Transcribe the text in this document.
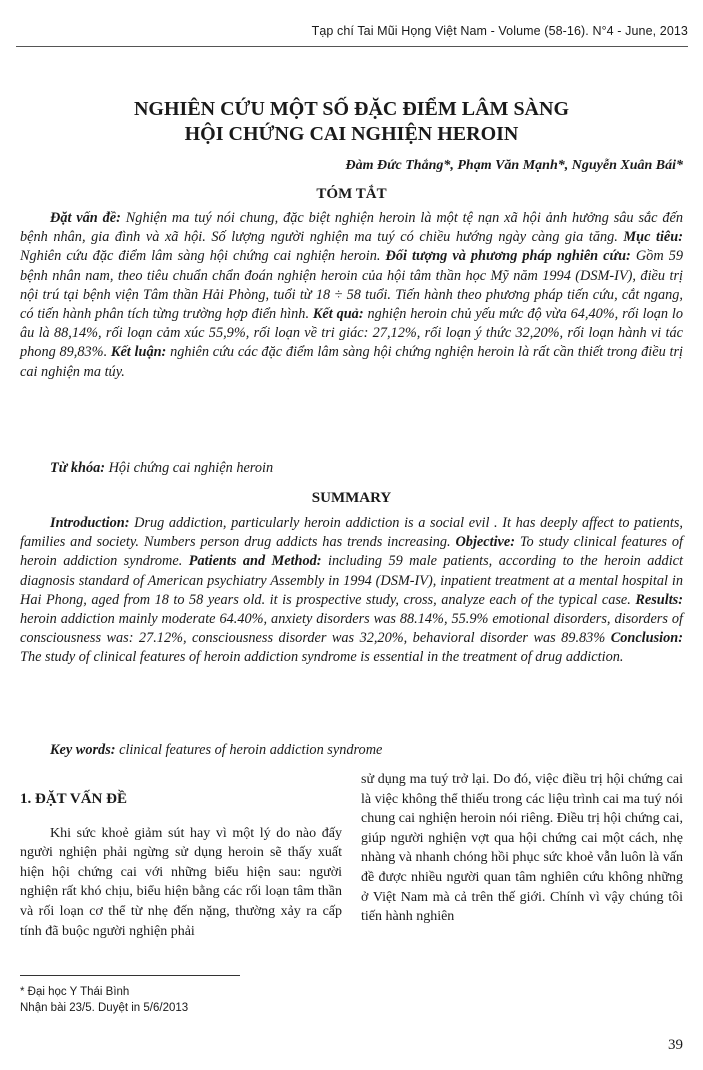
Tạp chí Tai Mũi Họng Việt Nam - Volume (58-16). N°4 - June, 2013
NGHIÊN CỨU MỘT SỐ ĐẶC ĐIỂM LÂM SÀNG
HỘI CHỨNG CAI NGHIỆN HEROIN
Đàm Đức Thắng*, Phạm Văn Mạnh*, Nguyễn Xuân Bái*
TÓM TẮT
Đặt vấn đề: Nghiện ma tuý nói chung, đặc biệt nghiện heroin là một tệ nạn xã hội ảnh hưởng sâu sắc đến bệnh nhân, gia đình và xã hội. Số lượng người nghiện ma tuý có chiều hướng ngày càng gia tăng. Mục tiêu: Nghiên cứu đặc điểm lâm sàng hội chứng cai nghiện heroin. Đối tượng và phương pháp nghiên cứu: Gồm 59 bệnh nhân nam, theo tiêu chuẩn chẩn đoán nghiện heroin của hội tâm thần học Mỹ năm 1994 (DSM-IV), điều trị nội trú tại bệnh viện Tâm thần Hải Phòng, tuổi từ 18 ÷ 58 tuổi. Tiến hành theo phương pháp tiến cứu, cắt ngang, có tiến hành phân tích từng trường hợp điển hình. Kết quả: nghiện heroin chủ yếu mức độ vừa 64,40%, rối loạn lo âu là 88,14%, rối loạn cảm xúc 55,9%, rối loạn về tri giác: 27,12%, rối loạn ý thức 32,20%, rối loạn hành vi tác phong 89,83%. Kết luận: nghiên cứu các đặc điểm lâm sàng hội chứng nghiện heroin là rất cần thiết trong điều trị cai nghiện ma túy.
Từ khóa: Hội chứng cai nghiện heroin
SUMMARY
Introduction: Drug addiction, particularly heroin addiction is a social evil . It has deeply affect to patients, families and society. Numbers person drug addicts has trends increasing. Objective: To study clinical features of heroin addiction syndrome. Patients and Method: including 59 male patients, according to the heroin addict diagnosis standard of American psychiatry Assembly in 1994 (DSM-IV), inpatient treatment at a mental hospital in Hai Phong, aged from 18 to 58 years old. it is prospective study, cross, analyze each of the typical case. Results: heroin addiction mainly moderate 64.40%, anxiety disorders was 88.14%, 55.9% emotional disorders, disorders of consciousness was: 27.12%, consciousness disorder was 32,20%, behavioral disorder was 89.83% Conclusion: The study of clinical features of heroin addiction syndrome is essential in the treatment of drug addiction.
Key words: clinical features of heroin addiction syndrome
1. ĐẶT VẤN ĐỀ
Khi sức khoẻ giảm sút hay vì một lý do nào đấy người nghiện phải ngừng sử dụng heroin sẽ thấy xuất hiện hội chứng cai với những biểu hiện sau: người nghiện rất khó chịu, biểu hiện bằng các rối loạn tâm thần và rối loạn cơ thể từ nhẹ đến nặng, thường xảy ra cấp tính đã buộc người nghiện phải
sử dụng ma tuý trở lại. Do đó, việc điều trị hội chứng cai là việc không thể thiếu trong các liệu trình cai ma tuý nói chung cai nghiện heroin nói riêng. Điều trị hội chứng cai, giúp người nghiện vợt qua hội chứng cai một cách, nhẹ nhàng và nhanh chóng hồi phục sức khoẻ vẫn luôn là vấn đề được nhiều người quan tâm nghiên cứu không những ở Việt Nam mà cả trên thế giới. Chính vì vậy chúng tôi tiến hành nghiên
* Đại học Y Thái Bình
Nhận bài 23/5. Duyệt in 5/6/2013
39
